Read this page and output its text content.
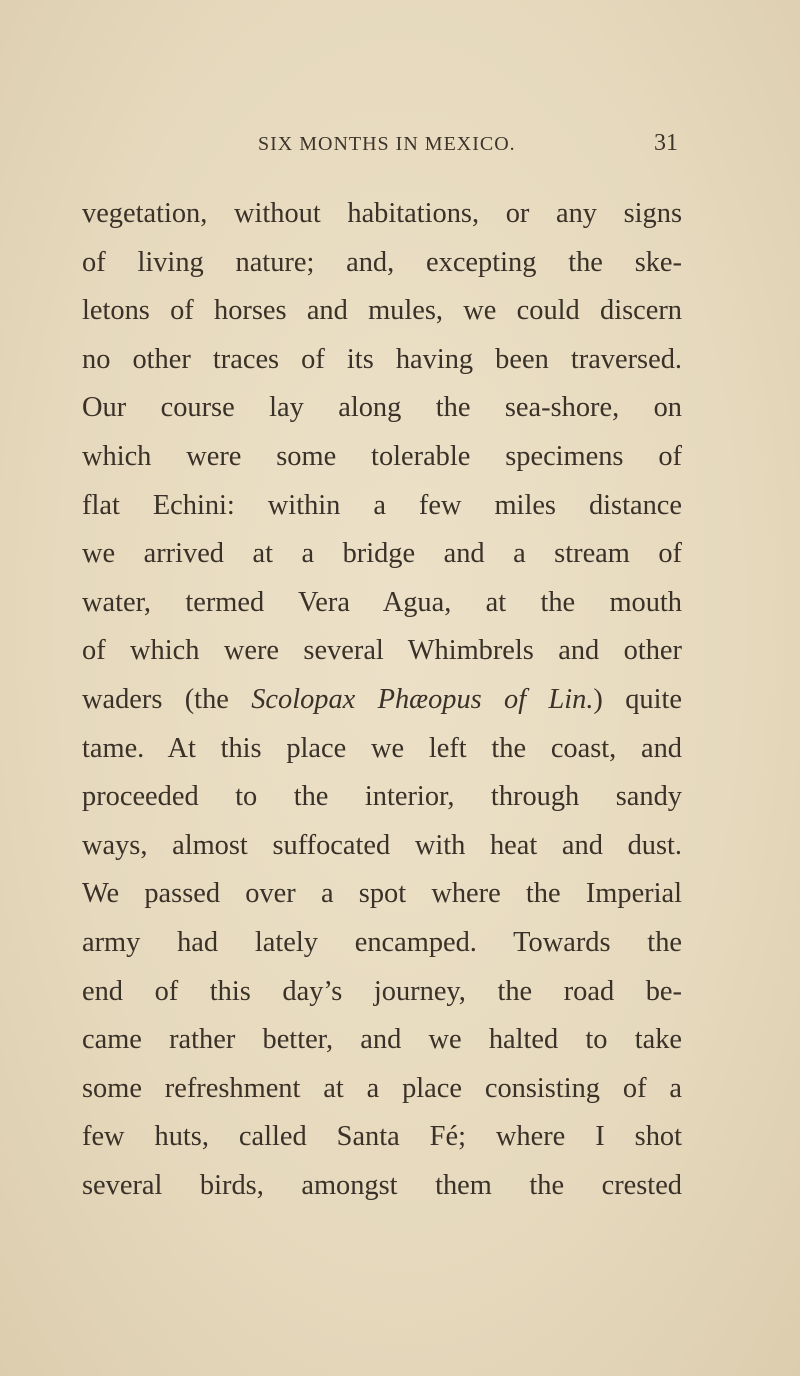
SIX MONTHS IN MEXICO.	31
vegetation, without habitations, or any signs
of living nature; and, excepting the ske-
letons of horses and mules, we could discern
no other traces of its having been traversed.
Our course lay along the sea-shore, on
which were some tolerable specimens of
flat Echini: within a few miles distance
we arrived at a bridge and a stream of
water, termed Vera Agua, at the mouth
of which were several Whimbrels and other
waders (the Scolopax Phæopus of Lin.) quite
tame. At this place we left the coast, and
proceeded to the interior, through sandy
ways, almost suffocated with heat and dust.
We passed over a spot where the Imperial
army had lately encamped. Towards the
end of this day’s journey, the road be-
came rather better, and we halted to take
some refreshment at a place consisting of a
few huts, called Santa Fé; where I shot
several birds, amongst them the crested
